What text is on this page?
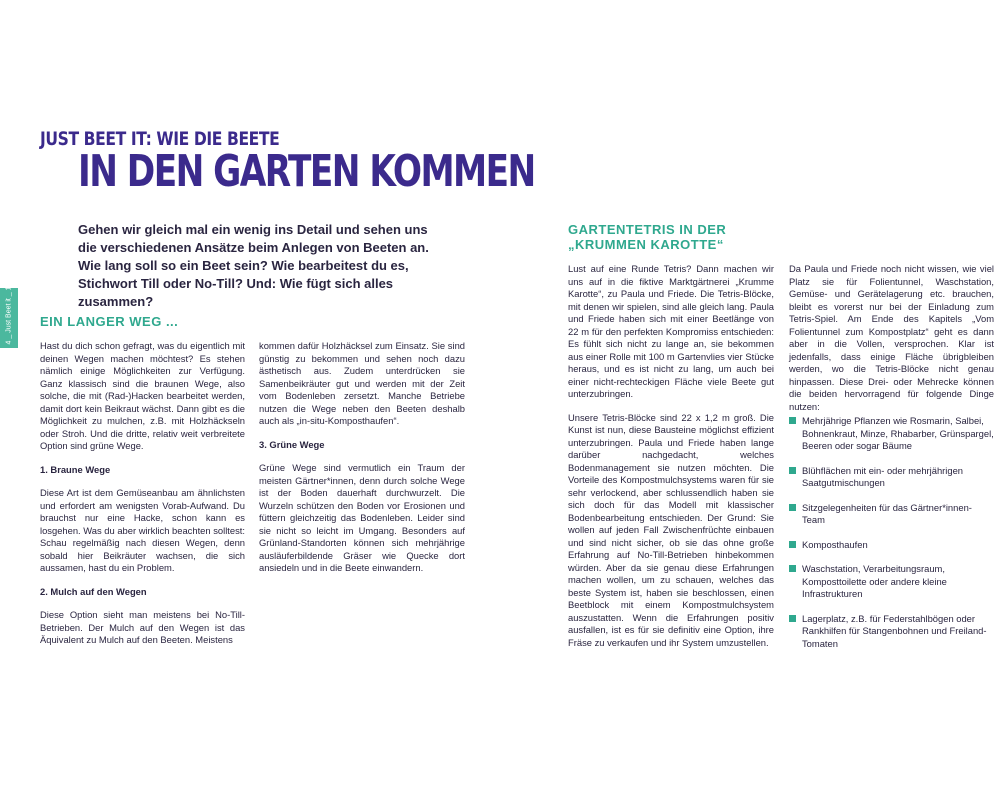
4 _ Just Beet it _ 12
JUST BEET IT: WIE DIE BEETE
IN DEN GARTEN KOMMEN
Gehen wir gleich mal ein wenig ins Detail und sehen uns die verschiedenen Ansätze beim Anlegen von Beeten an. Wie lang soll so ein Beet sein? Wie bearbeitest du es, Stichwort Till oder No-Till? Und: Wie fügt sich alles zusammen?
EIN LANGER WEG ...

Hast du dich schon gefragt, was du eigentlich mit deinen Wegen machen möchtest? Es stehen nämlich einige Möglichkeiten zur Verfügung. Ganz klassisch sind die braunen Wege, also solche, die mit (Rad-)Hacken bearbeitet werden, damit dort kein Beikraut wächst. Dann gibt es die Möglichkeit zu mulchen, z.B. mit Holzhäckseln oder Stroh. Und die dritte, relativ weit verbreitete Option sind grüne Wege.

1. Braune Wege

Diese Art ist dem Gemüseanbau am ähnlichsten und erfordert am wenigsten Vorab-Aufwand. Du brauchst nur eine Hacke, schon kann es losgehen. Was du aber wirklich beachten solltest: Schau regelmäßig nach diesen Wegen, denn sobald hier Beikräuter wachsen, die sich aussamen, hast du ein Problem.

2. Mulch auf den Wegen

Diese Option sieht man meistens bei No-Till-Betrieben. Der Mulch auf den Wegen ist das Äquivalent zu Mulch auf den Beeten. Meistens

kommen dafür Holzhäcksel zum Einsatz. Sie sind günstig zu bekommen und sehen noch dazu ästhetisch aus. Zudem unterdrücken sie Samenbeikräuter gut und werden mit der Zeit vom Bodenleben zersetzt. Manche Betriebe nutzen die Wege neben den Beeten deshalb auch als „in-situ-Komposthaufen“.

3. Grüne Wege

Grüne Wege sind vermutlich ein Traum der meisten Gärtner*innen, denn durch solche Wege ist der Boden dauerhaft durchwurzelt. Die Wurzeln schützen den Boden vor Erosionen und füttern gleichzeitig das Bodenleben. Leider sind sie nicht so leicht im Umgang. Besonders auf Grünland-Standorten können sich mehrjährige ausläuferbildende Gräser wie Quecke dort ansiedeln und in die Beete einwandern.

GARTENTETRIS IN DER
„KRUMMEN KAROTTE“

Lust auf eine Runde Tetris? Dann machen wir uns auf in die fiktive Marktgärtnerei „Krumme Karotte“, zu Paula und Friede. Die Tetris-Blöcke, mit denen wir spielen, sind alle gleich lang. Paula und Friede haben sich mit einer Beetlänge von 22 m für den perfekten Kompromiss entschieden: Es fühlt sich nicht zu lange an, sie bekommen aus einer Rolle mit 100 m Gartenvlies vier Stücke heraus, und es ist nicht zu lang, um auch bei einer nicht-rechteckigen Fläche viele Beete gut unterzubringen.

Unsere Tetris-Blöcke sind 22 x 1,2 m groß. Die Kunst ist nun, diese Bausteine möglichst effizient unterzubringen. Paula und Friede haben lange darüber nachgedacht, welches Bodenmanagement sie nutzen möchten. Die Vorteile des Kompostmulchsystems waren für sie sehr verlockend, aber schlussendlich haben sie sich doch für das Modell mit klassischer Bodenbearbeitung entschieden. Der Grund: Sie wollen auf jeden Fall Zwischenfrüchte einbauen und sind nicht sicher, ob sie das ohne große Erfahrung auf No-Till-Betrieben hinbekommen würden. Aber da sie genau diese Erfahrungen machen wollen, um zu schauen, welches das beste System ist, haben sie beschlossen, einen Beetblock mit einem Kompostmulchsystem auszustatten. Wenn die Erfahrungen positiv ausfallen, ist es für sie definitiv eine Option, ihre Fräse zu verkaufen und ihr System umzustellen.

Da Paula und Friede noch nicht wissen, wie viel Platz sie für Folientunnel, Waschstation, Gemüse- und Gerätelagerung etc. brauchen, bleibt es vorerst nur bei der Einladung zum Tetris-Spiel. Am Ende des Kapitels „Vom Folientunnel zum Kompostplatz“ geht es dann aber in die Vollen, versprochen. Klar ist jedenfalls, dass einige Fläche übrigbleiben werden, wo die Tetris-Blöcke nicht genau hinpassen. Diese Drei- oder Mehrecke können die beiden hervorragend für folgende Dinge nutzen:

Mehrjährige Pflanzen wie Rosmarin, Salbei, Bohnenkraut, Minze, Rhabarber, Grünspargel, Beeren oder sogar Bäume
Blühflächen mit ein- oder mehrjährigen Saatgutmischungen
Sitzgelegenheiten für das Gärtner*innen-Team
Komposthaufen
Waschstation, Verarbeitungsraum, Komposttoilette oder andere kleine Infrastrukturen
Lagerplatz, z.B. für Federstahlbögen oder Rankhilfen für Stangenbohnen und Freiland-Tomaten
